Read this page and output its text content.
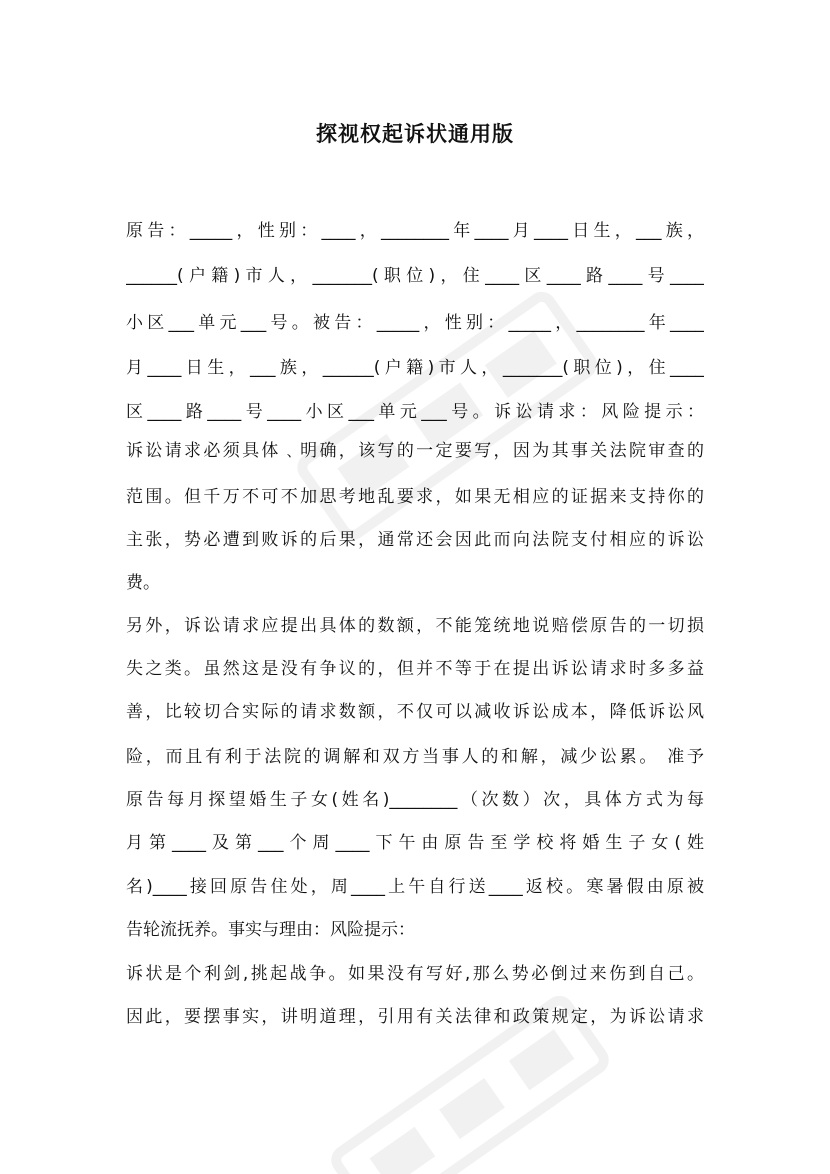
探视权起诉状通用版
原告：_____，性别：____，________年____月____日生，___族，
______(户籍)市人，_______(职位)，住____区____路____号____
小区___单元___号。被告：_____，性别：_____，________年____
月____日生，___族，______(户籍)市人，_______(职位)，住____
区____路____号____小区___单元___号。诉讼请求：风险提示：
诉讼请求必须具体﹑明确，该写的一定要写，因为其事关法院审查的
范围。但千万不可不加思考地乱要求，如果无相应的证据来支持你的
主张，势必遭到败诉的后果，通常还会因此而向法院支付相应的诉讼
费。
另外，诉讼请求应提出具体的数额，不能笼统地说赔偿原告的一切损
失之类。虽然这是没有争议的，但并不等于在提出诉讼请求时多多益
善，比较切合实际的请求数额，不仅可以减收诉讼成本，降低诉讼风
险，而且有利于法院的调解和双方当事人的和解，减少讼累。 准予
原告每月探望婚生子女(姓名)________（次数）次，具体方式为每
月第____及第___个周____下午由原告至学校将婚生子女(姓
名)____接回原告住处，周____上午自行送____返校。寒暑假由原被
告轮流抚养。事实与理由：风险提示：
诉状是个利剑,挑起战争。如果没有写好,那么势必倒过来伤到自己。
因此，要摆事实，讲明道理，引用有关法律和政策规定，为诉讼请求
